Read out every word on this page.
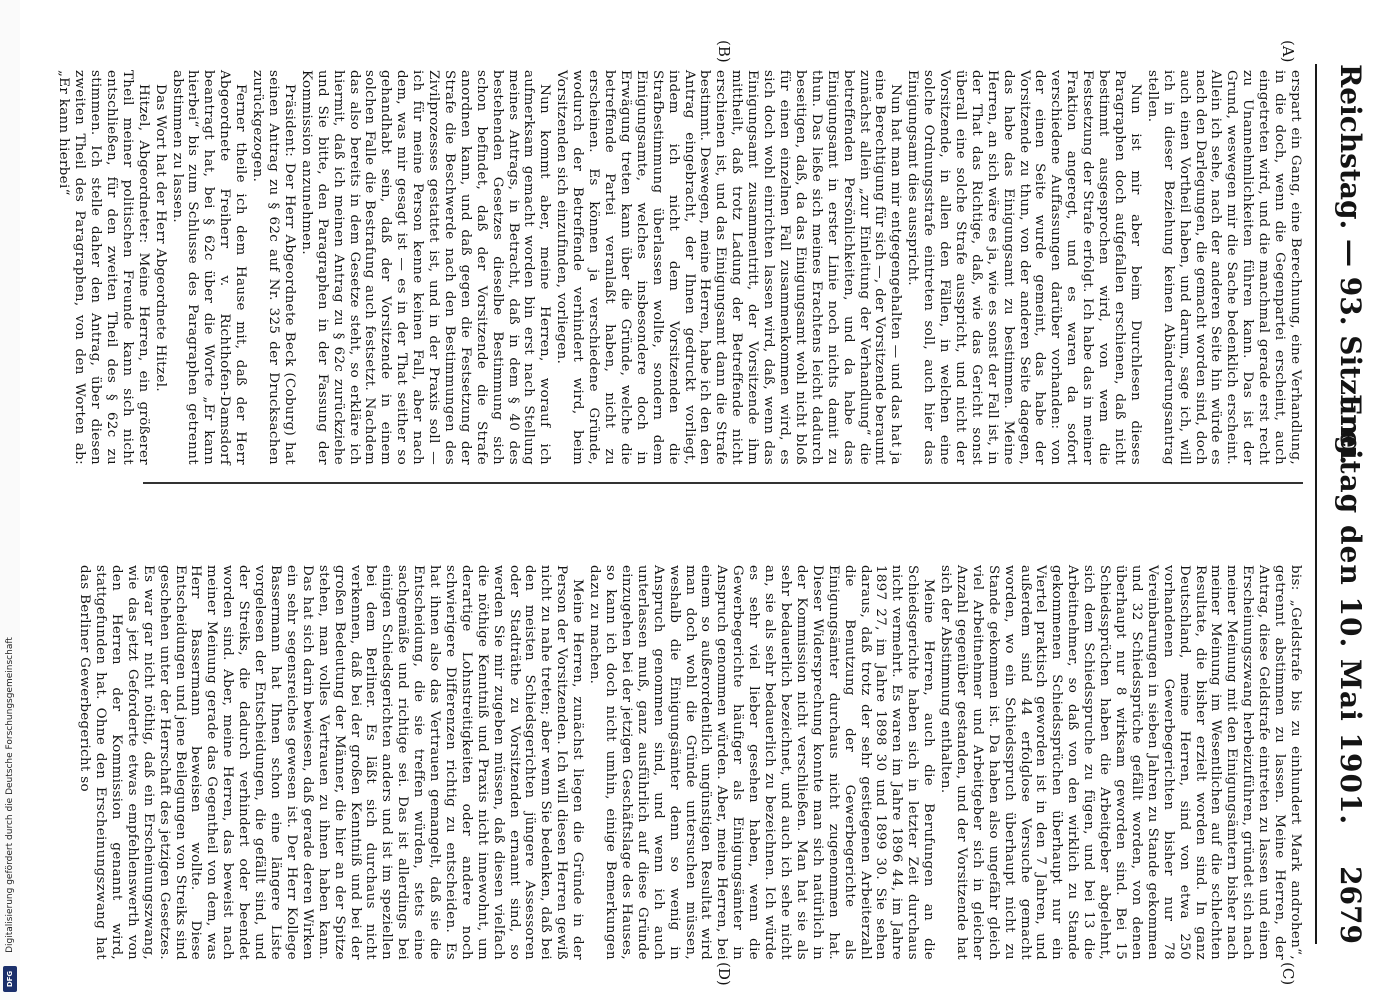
Digitalisierung gefördert durch die Deutsche Forschungsgemeinschaft
DFG
Reichstag. — 93. Sitzung.
Freitag den 10. Mai 1901.
2679
(A)
(B)
(C)
(D)

erspart ein Gang, eine Berechnung, eine Verhandlung, in die doch, wenn die Gegenpartei erscheint, auch eingetreten wird, und die manchmal gerade erst recht zu Unannehmlichkeiten führen kann. Das ist der Grund, weswegen mir die Sache bedenklich erscheint. Allein ich sehe, nach der anderen Seite hin würde es nach den Darlegungen, die gemacht worden sind, doch auch einen Vortheil haben, und darum, sage ich, will ich in dieser Beziehung keinen Abänderungsantrag stellen.

Nun ist mir aber beim Durchlesen dieses Paragraphen doch aufgefallen erschienen, daß nicht bestimmt ausgesprochen wird, von wem die Festsetzung der Strafe erfolgt. Ich habe das in meiner Fraktion angeregt, und es waren da sofort verschiedene Auffassungen darüber vorhanden: von der einen Seite wurde gemeint, das habe der Vorsitzende zu thun, von der anderen Seite dagegen, das habe das Einigungsamt zu bestimmen. Meine Herren, an sich wäre es ja, wie es sonst der Fall ist, in der That das Richtige, daß, wie das Gericht sonst überall eine solche Strafe ausspricht, und nicht der Vorsitzende, in allen den Fällen, in welchen eine solche Ordnungsstrafe eintreten soll, auch hier das Einigungsamt dies ausspricht.

Nun hat man mir entgegengehalten — und das hat ja eine Berechtigung für sich —, der Vorsitzende beraumt zunächst allein „zur Einleitung der Verhandlung“ die betreffenden Persönlichkeiten, und da habe das Einigungsamt in erster Linie noch nichts damit zu thun. Das ließe sich meines Erachtens leicht dadurch beseitigen, daß, da das Einigungsamt wohl nicht bloß für einen einzelnen Fall zusammenkommen wird, es sich doch wohl einrichten lassen wird, daß, wenn das Einigungsamt zusammentritt, der Vorsitzende ihm mittheilt, daß trotz Ladung der Betreffende nicht erschienen ist, und das Einigungsamt dann die Strafe bestimmt. Deswegen, meine Herren, habe ich den den Antrag eingebracht, der Ihnen gedruckt vorliegt, indem ich nicht dem Vorsitzenden die Strafbestimmung überlassen wollte, sondern dem Einigungsamte, welches insbesondere doch in Erwägung treten kann über die Gründe, welche die betreffende Partei veranlaßt haben, nicht zu erscheinen. Es können ja verschiedene Gründe, wodurch der Betreffende verhindert wird, beim Vorsitzenden sich einzufinden, vorliegen.

Nun kommt aber, meine Herren, worauf ich aufmerksam gemacht worden bin erst nach Stellung meines Antrags, in Betracht, daß in dem § 40 des bestehenden Gesetzes dieselbe Bestimmung sich schon befindet, daß der Vorsitzende die Strafe anordnen kann, und daß gegen die Festsetzung der Strafe die Beschwerde nach den Bestimmungen des Zivilprozesses gestattet ist, und in der Praxis soll — ich für meine Person kenne keinen Fall, aber nach dem, was mir gesagt ist — es in der That seither so gehandhabt sein, daß der Vorsitzende in einem solchen Falle die Bestrafung auch festsetzt. Nachdem das also bereits in dem Gesetze steht, so erkläre ich hiermit, daß ich meinen Antrag zu § 62c zurückziehe und Sie bitte, den Paragraphen in der Fassung der Kommission anzunehmen.

Präsident: Der Herr Abgeordnete Beck (Coburg) hat seinen Antrag zu § 62c auf Nr. 325 der Drucksachen zurückgezogen.

Ferner theile ich dem Hause mit, daß der Herr Abgeordnete Freiherr v. Richthofen-Damsdorf beantragt hat, bei § 62c über die Worte „Er kann hierbei“ bis zum Schlusse des Paragraphen getrennt abstimmen zu lassen.

Das Wort hat der Herr Abgeordnete Hitzel.

Hitzel, Abgeordneter: Meine Herren, ein größerer Theil meiner politischen Freunde kann sich nicht entschließen, für den zweiten Theil des § 62c zu stimmen. Ich stelle daher den Antrag, über diesen zweiten Theil des Paragraphen, von den Worten ab: „Er kann hierbei“

bis: „Geldstrafe bis zu einhundert Mark androhen“, getrennt abstimmen zu lassen. Meine Herren, der Antrag, diese Geldstrafe eintreten zu lassen und einen Erscheinungszwang herbeizuführen, gründet sich nach meiner Meinung mit den Einigungsämtern bisher nach meiner Meinung im Wesentlichen auf die schlechten Resultate, die bisher erzielt worden sind. In ganz Deutschland, meine Herren, sind von etwa 250 vorhandenen Gewerbegerichten bisher nur 78 Vereinbarungen in sieben Jahren zu Stande gekommen und 32 Schiedssprüche gefällt worden, von denen überhaupt nur 8 wirksam geworden sind. Bei 15 Schiedssprüchen haben die Arbeitgeber abgelehnt, sich dem Schiedsspruche zu fügen, und bei 13 die Arbeitnehmer, so daß von den wirklich zu Stande gekommenen Schiedssprüchen überhaupt nur ein Viertel praktisch geworden ist in den 7 Jahren, und außerdem sind 44 erfolglose Versuche gemacht worden, wo ein Schiedsspruch überhaupt nicht zu Stande gekommen ist. Da haben also ungefähr gleich viel Arbeitnehmer und Arbeitgeber sich in gleicher Anzahl gegenüber gestanden, und der Vorsitzende hat sich der Abstimmung enthalten.

Meine Herren, auch die Berufungen an die Schiedsgerichte haben sich in letzter Zeit durchaus nicht vermehrt. Es waren im Jahre 1896 44, im Jahre 1897 27, im Jahre 1898 30 und 1899 30. Sie sehen daraus, daß trotz der sehr gestiegenen Arbeiterzahl die Benutzung der Gewerbegerichte als Einigungsämter durchaus nicht zugenommen hat. Dieser Widersprechung konnte man sich natürlich in der Kommission nicht verschließen. Man hat sie als sehr bedauerlich bezeichnet, und auch ich sehe nicht an, sie als sehr bedauerlich zu bezeichnen. Ich würde es sehr viel lieber gesehen haben, wenn die Gewerbegerichte häufiger als Einigungsämter in Anspruch genommen würden. Aber, meine Herren, bei einem so außerordentlich ungünstigen Resultat wird man doch wohl die Gründe untersuchen müssen, weshalb die Einigungsämter denn so wenig in Anspruch genommen sind, und wenn ich auch unterlassen muß, ganz ausführlich auf diese Gründe einzugehen bei der jetzigen Geschäftslage des Hauses, so kann ich doch nicht umhin, einige Bemerkungen dazu zu machen.

Meine Herren, zunächst liegen die Gründe in der Person der Vorsitzenden. Ich will diesen Herren gewiß nicht zu nahe treten; aber wenn Sie bedenken, daß bei den meisten Schiedsgerichten jüngere Assessoren oder Stadträthe zu Vorsitzenden ernannt sind, so werden Sie mir zugeben müssen, daß diesen vielfach die nöthige Kenntniß und Praxis nicht innewohnt, um derartige Lohnstreitigkeiten oder andere noch schwierigere Differenzen richtig zu entscheiden. Es hat ihnen also das Vertrauen gemangelt, daß sie die Entscheidung, die sie treffen würden, stets eine sachgemäße und richtige sei. Das ist allerdings bei einigen Schiedsgerichten anders und ist im speziellen bei dem Berliner. Es läßt sich durchaus nicht verkennen, daß bei der großen Kenntniß und bei der großen Bedeutung der Männer, die hier an der Spitze stehen, man volles Vertrauen zu ihnen haben kann. Das hat sich darin bewiesen, daß gerade deren Wirken ein sehr segensreiches gewesen ist. Der Herr Kollege Bassermann hat Ihnen schon eine längere Liste vorgelesen der Entscheidungen, die gefällt sind, und der Streiks, die dadurch verhindert oder beendet worden sind. Aber, meine Herren, das beweist nach meiner Meinung gerade das Gegentheil von dem, was Herr Bassermann beweisen wollte. Diese Entscheidungen und jene Beilegungen von Streiks sind geschehen unter der Herrschaft des jetzigen Gesetzes. Es war gar nicht nöthig, daß ein Erscheinungszwang, wie das jetzt Geforderte etwas empfehlenswerth von den Herren der Kommission genannt wird, stattgefunden hat. Ohne den Erscheinungszwang hat das Berliner Gewerbegericht so
